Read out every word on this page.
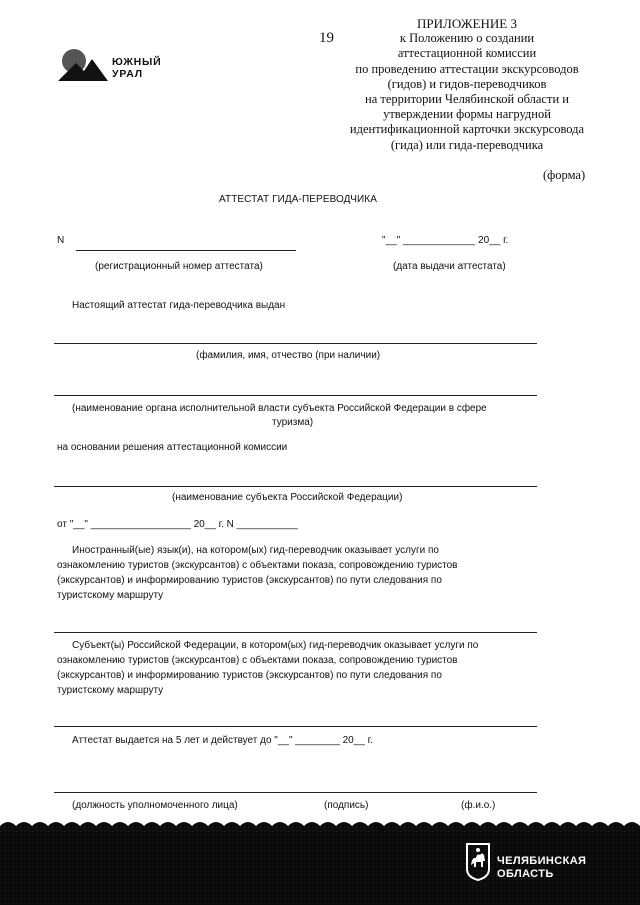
ЮЖНЫЙ
УРАЛ
19
ПРИЛОЖЕНИЕ 3
к Положению о создании
аттестационной комиссии
по проведению аттестации экскурсоводов
(гидов) и гидов-переводчиков
на территории Челябинской области и
утверждении формы нагрудной
идентификационной карточки экскурсовода
(гида) или гида-переводчика
(форма)
АТТЕСТАТ ГИДА-ПЕРЕВОДЧИКА
N	"__" _____________ 20__ г.
(регистрационный номер аттестата)	(дата выдачи аттестата)
Настоящий аттестат гида-переводчика выдан
(фамилия, имя, отчество (при наличии)
(наименование органа исполнительной власти субъекта Российской Федерации в сфере
туризма)
на основании решения аттестационной комиссии
(наименование субъекта Российской Федерации)
от "__" __________________ 20__ г. N ___________
Иностранный(ые) язык(и), на котором(ых) гид-переводчик оказывает услуги по
ознакомлению туристов (экскурсантов) с объектами показа, сопровождению туристов
(экскурсантов) и информированию туристов (экскурсантов) по пути следования по
туристскому маршруту
Субъект(ы) Российской Федерации, в котором(ых) гид-переводчик оказывает услуги по
ознакомлению туристов (экскурсантов) с объектами показа, сопровождению туристов
(экскурсантов) и информированию туристов (экскурсантов) по пути следования по
туристскому маршруту
Аттестат выдается на 5 лет и действует до "__" ________ 20__ г.
(должность уполномоченного лица)	(подпись)	(ф.и.о.)
ЧЕЛЯБИНСКАЯ
ОБЛАСТЬ
